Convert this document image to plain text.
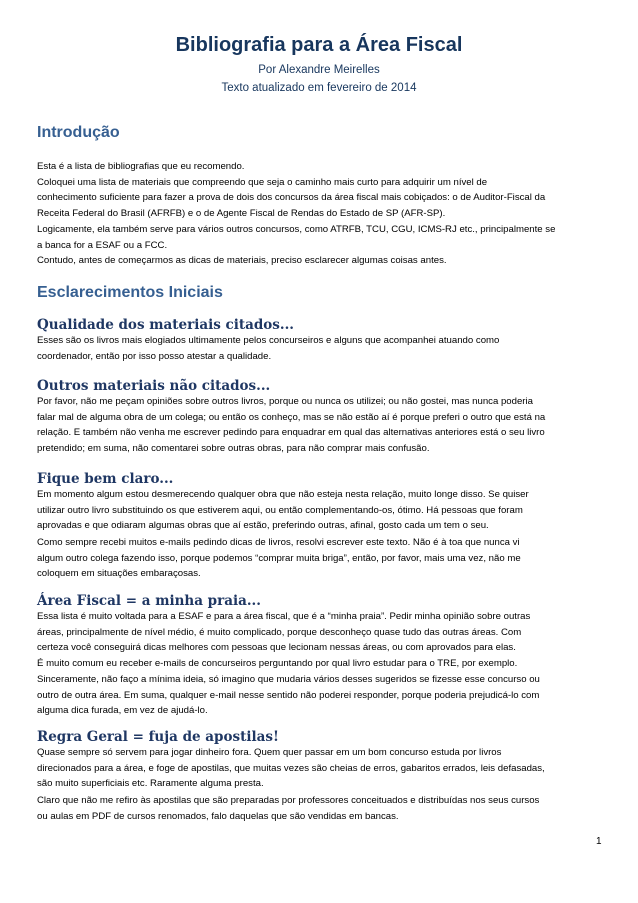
Bibliografia para a Área Fiscal
Por Alexandre Meirelles
Texto atualizado em fevereiro de 2014
Introdução
Esta é a lista de bibliografias que eu recomendo.
Coloquei uma lista de materiais que compreendo que seja o caminho mais curto para adquirir um nível de
conhecimento suficiente para fazer a prova de dois dos concursos da área fiscal mais cobiçados: o de Auditor-Fiscal da
Receita Federal do Brasil (AFRFB) e o de Agente Fiscal de Rendas do Estado de SP (AFR-SP).
Logicamente, ela também serve para vários outros concursos, como ATRFB, TCU, CGU, ICMS-RJ etc., principalmente se
a banca for a ESAF ou a FCC.
Contudo, antes de começarmos as dicas de materiais, preciso esclarecer algumas coisas antes.
Esclarecimentos Iniciais
Qualidade dos materiais citados...
Esses são os livros mais elogiados ultimamente pelos concurseiros e alguns que acompanhei atuando como
coordenador, então por isso posso atestar a qualidade.
Outros materiais não citados...
Por favor, não me peçam opiniões sobre outros livros, porque ou nunca os utilizei; ou não gostei, mas nunca poderia
falar mal de alguma obra de um colega; ou então os conheço, mas se não estão aí é porque preferi o outro que está na
relação. E também não venha me escrever pedindo para enquadrar em qual das alternativas anteriores está o seu livro
pretendido; em suma, não comentarei sobre outras obras, para não comprar mais confusão.
Fique bem claro...
Em momento algum estou desmerecendo qualquer obra que não esteja nesta relação, muito longe disso. Se quiser
utilizar outro livro substituindo os que estiverem aqui, ou então complementando-os, ótimo. Há pessoas que foram
aprovadas e que odiaram algumas obras que aí estão, preferindo outras, afinal, gosto cada um tem o seu.
Como sempre recebi muitos e-mails pedindo dicas de livros, resolvi escrever este texto. Não é à toa que nunca vi
algum outro colega fazendo isso, porque podemos “comprar muita briga”, então, por favor, mais uma vez, não me
coloquem em situações embaraçosas.
Área Fiscal = a minha praia...
Essa lista é muito voltada para a ESAF e para a área fiscal, que é a “minha praia”. Pedir minha opinião sobre outras
áreas, principalmente de nível médio, é muito complicado, porque desconheço quase tudo das outras áreas. Com
certeza você conseguirá dicas melhores com pessoas que lecionam nessas áreas, ou com aprovados para elas.
É muito comum eu receber e-mails de concurseiros perguntando por qual livro estudar para o TRE, por exemplo.
Sinceramente, não faço a mínima ideia, só imagino que mudaria vários desses sugeridos se fizesse esse concurso ou
outro de outra área. Em suma, qualquer e-mail nesse sentido não poderei responder, porque poderia prejudicá-lo com
alguma dica furada, em vez de ajudá-lo.
Regra Geral = fuja de apostilas!
Quase sempre só servem para jogar dinheiro fora. Quem quer passar em um bom concurso estuda por livros
direcionados para a área, e foge de apostilas, que muitas vezes são cheias de erros, gabaritos errados, leis defasadas,
são muito superficiais etc. Raramente alguma presta.
Claro que não me refiro às apostilas que são preparadas por professores conceituados e distribuídas nos seus cursos
ou aulas em PDF de cursos renomados, falo daquelas que são vendidas em bancas.
1
